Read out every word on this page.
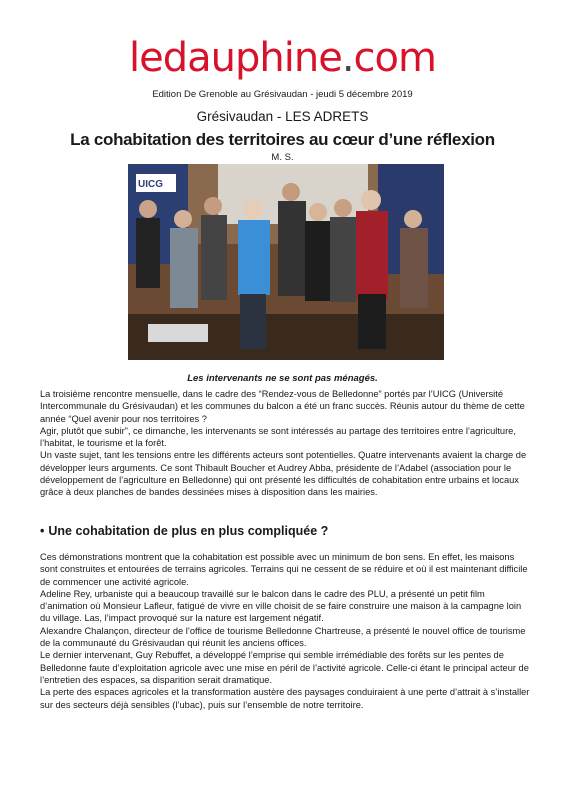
ledauphine.com
Edition De Grenoble au Grésivaudan - jeudi 5 décembre 2019
Grésivaudan - LES ADRETS
La cohabitation des territoires au cœur d’une réflexion
M. S.
UICG
Les intervenants ne se sont pas ménagés.

La troisième rencontre mensuelle, dans le cadre des “Rendez-vous de Belledonne” portés par l’UICG (Université Intercommunale du Grésivaudan) et les communes du balcon a été un franc succès. Réunis autour du thème de cette année “Quel avenir pour nos territoires ?

Agir, plutôt que subir”, ce dimanche, les intervenants se sont intéressés au partage des territoires entre l’agriculture, l’habitat, le tourisme et la forêt.

Un vaste sujet, tant les tensions entre les différents acteurs sont potentielles. Quatre intervenants avaient la charge de développer leurs arguments. Ce sont Thibault Boucher et Audrey Abba, présidente de l’Adabel (association pour le développement de l’agriculture en Belledonne) qui ont présenté les difficultés de cohabitation entre urbains et locaux grâce à deux planches de bandes dessinées mises à disposition dans les mairies.

• Une cohabitation de plus en plus compliquée ?

Ces démonstrations montrent que la cohabitation est possible avec un minimum de bon sens. En effet, les maisons sont construites et entourées de terrains agricoles. Terrains qui ne cessent de se réduire et où il est maintenant difficile de commencer une activité agricole.

Adeline Rey, urbaniste qui a beaucoup travaillé sur le balcon dans le cadre des PLU, a présenté un petit film d’animation où Monsieur Lafleur, fatigué de vivre en ville choisit de se faire construire une maison à la campagne loin du village. Las, l’impact provoqué sur la nature est largement négatif.

Alexandre Chalançon, directeur de l’office de tourisme Belledonne Chartreuse, a présenté le nouvel office de tourisme de la communauté du Grésivaudan qui réunit les anciens offices.

Le dernier intervenant, Guy Rebuffet, a développé l’emprise qui semble irrémédiable des forêts sur les pentes de Belledonne faute d’exploitation agricole avec une mise en péril de l’activité agricole. Celle-ci étant le principal acteur de l’entretien des espaces, sa disparition serait dramatique.

La perte des espaces agricoles et la transformation austère des paysages conduiraient à une perte d’attrait à s’installer sur des secteurs déjà sensibles (l’ubac), puis sur l’ensemble de notre territoire.
